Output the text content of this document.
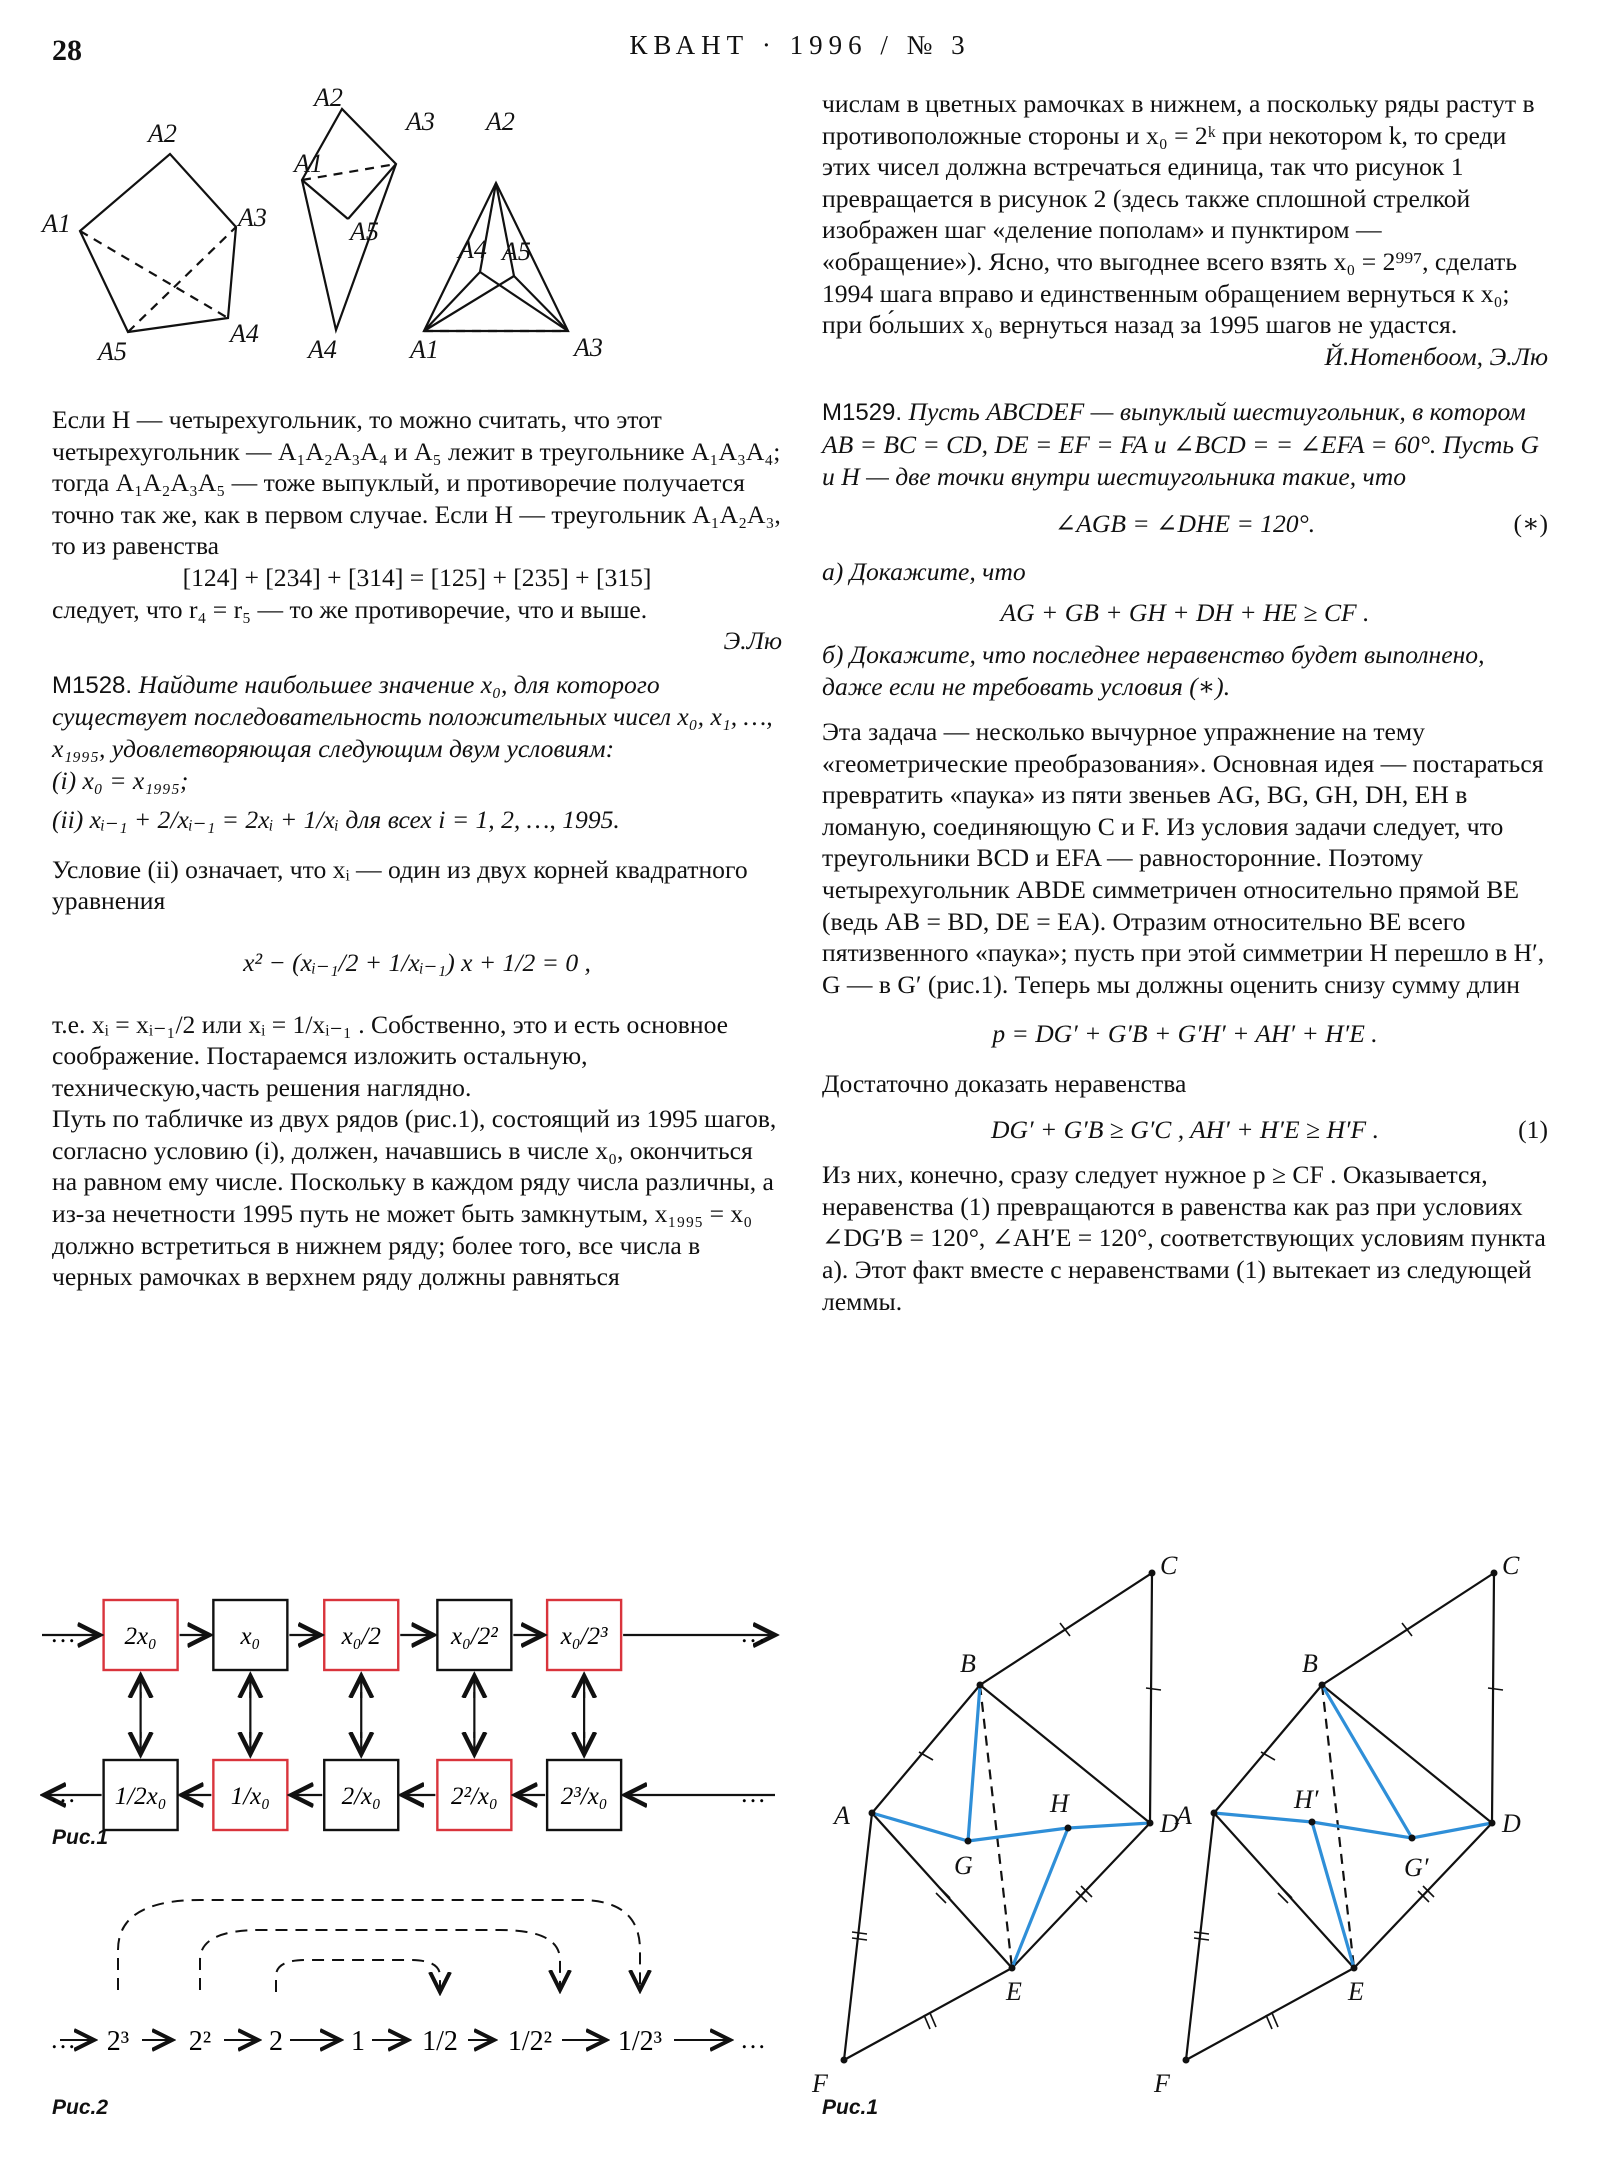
28	КВАНТ · 1996 / № 3
A2
A3
A4
A5
A1
A2
A3
A1
A5
A4
A2
A4 A5
A1	A3

Если H — четырехугольник, то можно считать, что этот четырехугольник — A₁A₂A₃A₄ и A₅ лежит в треугольнике A₁A₃A₄; тогда A₁A₂A₃A₅ — тоже выпуклый, и противоречие получается точно так же, как в первом случае. Если H — треугольник A₁A₂A₃, то из равенства

[124] + [234] + [314] = [125] + [235] + [315]

следует, что r₄ = r₅ — то же противоречие, что и выше.

Э.Лю

М1528. Найдите наибольшее значение x₀, для которого существует последовательность положительных чисел x₀, x₁, …, x₁₉₉₅, удовлетворяющая следующим двум условиям:

(i) x₀ = x₁₉₉₅;

(ii) xᵢ₋₁ + 2/xᵢ₋₁ = 2xᵢ + 1/xᵢ для всех i = 1, 2, …, 1995.

Условие (ii) означает, что xᵢ — один из двух корней квадратного уравнения

x² − (xᵢ₋₁/2 + 1/xᵢ₋₁) x + 1/2 = 0 ,

т.е. xᵢ = xᵢ₋₁/2 или xᵢ = 1/xᵢ₋₁ . Собственно, это и есть основное соображение. Постараемся изложить остальную, техническую,часть решения наглядно.

Путь по табличке из двух рядов (рис.1), состоящий из 1995 шагов, согласно условию (i), должен, начавшись в числе x₀, окончиться на равном ему числе. Поскольку в каждом ряду числа различны, а из-за нечетности 1995 путь не может быть замкнутым, x₁₉₉₅ = x₀ должно встретиться в нижнем ряду; более того, все числа в черных рамочках в верхнем ряду должны равняться

числам в цветных рамочках в нижнем, а поскольку ряды растут в противоположные стороны и x₀ = 2ᵏ при некотором k, то среди этих чисел должна встречаться единица, так что рисунок 1 превращается в рисунок 2 (здесь также сплошной стрелкой изображен шаг «деление пополам» и пунктиром — «обращение»). Ясно, что выгоднее всего взять x₀ = 2⁹⁹⁷, сделать 1994 шага вправо и единственным обращением вернуться к x₀; при бо́льших x₀ вернуться назад за 1995 шагов не удастся.

Й.Нотенбоом, Э.Лю

М1529. Пусть ABCDEF — выпуклый шестиугольник, в котором AB = BC = CD, DE = EF = FA и ∠BCD = = ∠EFA = 60°. Пусть G и H — две точки внутри шестиугольника такие, что

∠AGB = ∠DHE = 120°.	(∗)

а) Докажите, что

AG + GB + GH + DH + HE ≥ CF .

б) Докажите, что последнее неравенство будет выполнено, даже если не требовать условия (∗).

Эта задача — несколько вычурное упражнение на тему «геометрические преобразования». Основная идея — постараться превратить «паука» из пяти звеньев AG, BG, GH, DH, EH в ломаную, соединяющую C и F. Из условия задачи следует, что треугольники BCD и EFA — равносторонние. Поэтому четырехугольник ABDE симметричен относительно прямой BE (ведь AB = BD, DE = EA). Отразим относительно BE всего пятизвенного «паука»; пусть при этой симметрии H перешло в H′, G — в G′ (рис.1). Теперь мы должны оценить снизу сумму длин

p = DG′ + G′B + G′H′ + AH′ + H′E .

Достаточно доказать неравенства

DG′ + G′B ≥ G′C , AH′ + H′E ≥ H′F .	(1)

Из них, конечно, сразу следует нужное p ≥ CF . Оказывается, неравенства (1) превращаются в равенства как раз при условиях ∠DG′B = 120°, ∠AH′E = 120°, соответствующих условиям пункта а). Этот факт вместе с неравенствами (1) вытекает из следующей леммы.

2x₀	x₀	x₀/2	x₀/2²	x₀/2³
1/2x₀	1/x₀	2/x₀	2²/x₀	2³/x₀
…	…
…	…
Рис.1
2³ 2² 2 1 1/2 1/2² 1/2³
…	…
Рис.2
A
B
C
D
E
F
G
H	A
B
C
D
E
F
H′
G′
Рис.1
